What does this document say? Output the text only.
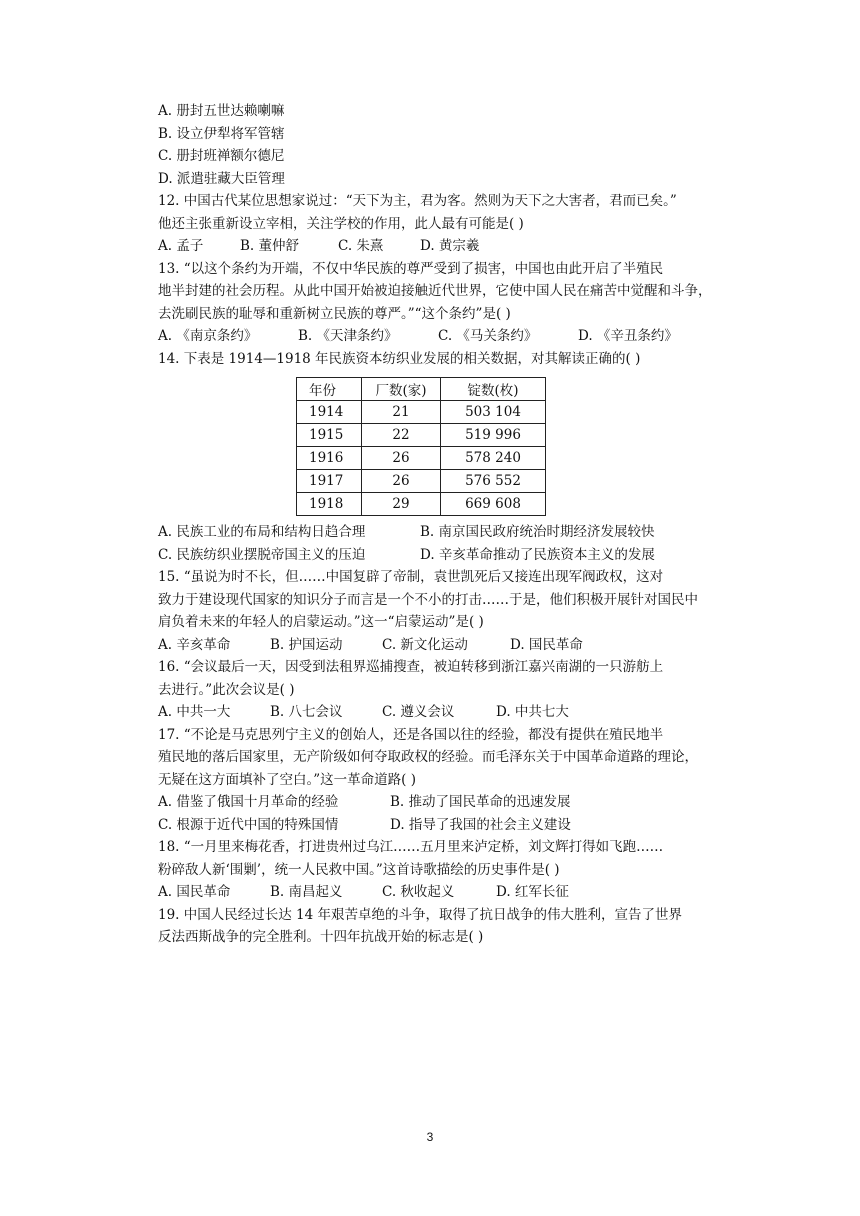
A. 册封五世达赖喇嘛
B. 设立伊犁将军管辖
C. 册封班禅额尔德尼
D. 派遣驻藏大臣管理
12. 中国古代某位思想家说过：“天下为主，君为客。然则为天下之大害者，君而已矣。”
他还主张重新设立宰相，关注学校的作用，此人最有可能是( )
A. 孟子	B. 董仲舒	C. 朱熹	D. 黄宗羲
13. “以这个条约为开端，不仅中华民族的尊严受到了损害，中国也由此开启了半殖民
地半封建的社会历程。从此中国开始被迫接触近代世界，它使中国人民在痛苦中觉醒和斗争，
去洗刷民族的耻辱和重新树立民族的尊严。”“这个条约”是( )
A. 《南京条约》	B. 《天津条约》	C. 《马关条约》	D. 《辛丑条约》
14. 下表是 1914—1918 年民族资本纺织业发展的相关数据，对其解读正确的( )
年份	厂数(家)	锭数(枚)
1914	21	503 104
1915	22	519 996
1916	26	578 240
1917	26	576 552
1918	29	669 608
A. 民族工业的布局和结构日趋合理	B. 南京国民政府统治时期经济发展较快
C. 民族纺织业摆脱帝国主义的压迫	D. 辛亥革命推动了民族资本主义的发展
15. “虽说为时不长，但……中国复辟了帝制，袁世凯死后又接连出现军阀政权，这对
致力于建设现代国家的知识分子而言是一个不小的打击……于是，他们积极开展针对国民中
肩负着未来的年轻人的启蒙运动。”这一“启蒙运动”是( )
A. 辛亥革命	B. 护国运动	C. 新文化运动	D. 国民革命
16. “会议最后一天，因受到法租界巡捕搜查，被迫转移到浙江嘉兴南湖的一只游舫上
去进行。”此次会议是( )
A. 中共一大	B. 八七会议	C. 遵义会议	D. 中共七大
17. “不论是马克思列宁主义的创始人，还是各国以往的经验，都没有提供在殖民地半
殖民地的落后国家里，无产阶级如何夺取政权的经验。而毛泽东关于中国革命道路的理论，
无疑在这方面填补了空白。”这一革命道路( )
A. 借鉴了俄国十月革命的经验	B. 推动了国民革命的迅速发展
C. 根源于近代中国的特殊国情	D. 指导了我国的社会主义建设
18. “一月里来梅花香，打进贵州过乌江……五月里来泸定桥，刘文辉打得如飞跑……
粉碎敌人新‘围剿’，统一人民救中国。”这首诗歌描绘的历史事件是( )
A. 国民革命	B. 南昌起义	C. 秋收起义	D. 红军长征
19. 中国人民经过长达 14 年艰苦卓绝的斗争，取得了抗日战争的伟大胜利，宣告了世界
反法西斯战争的完全胜利。十四年抗战开始的标志是( )
3
